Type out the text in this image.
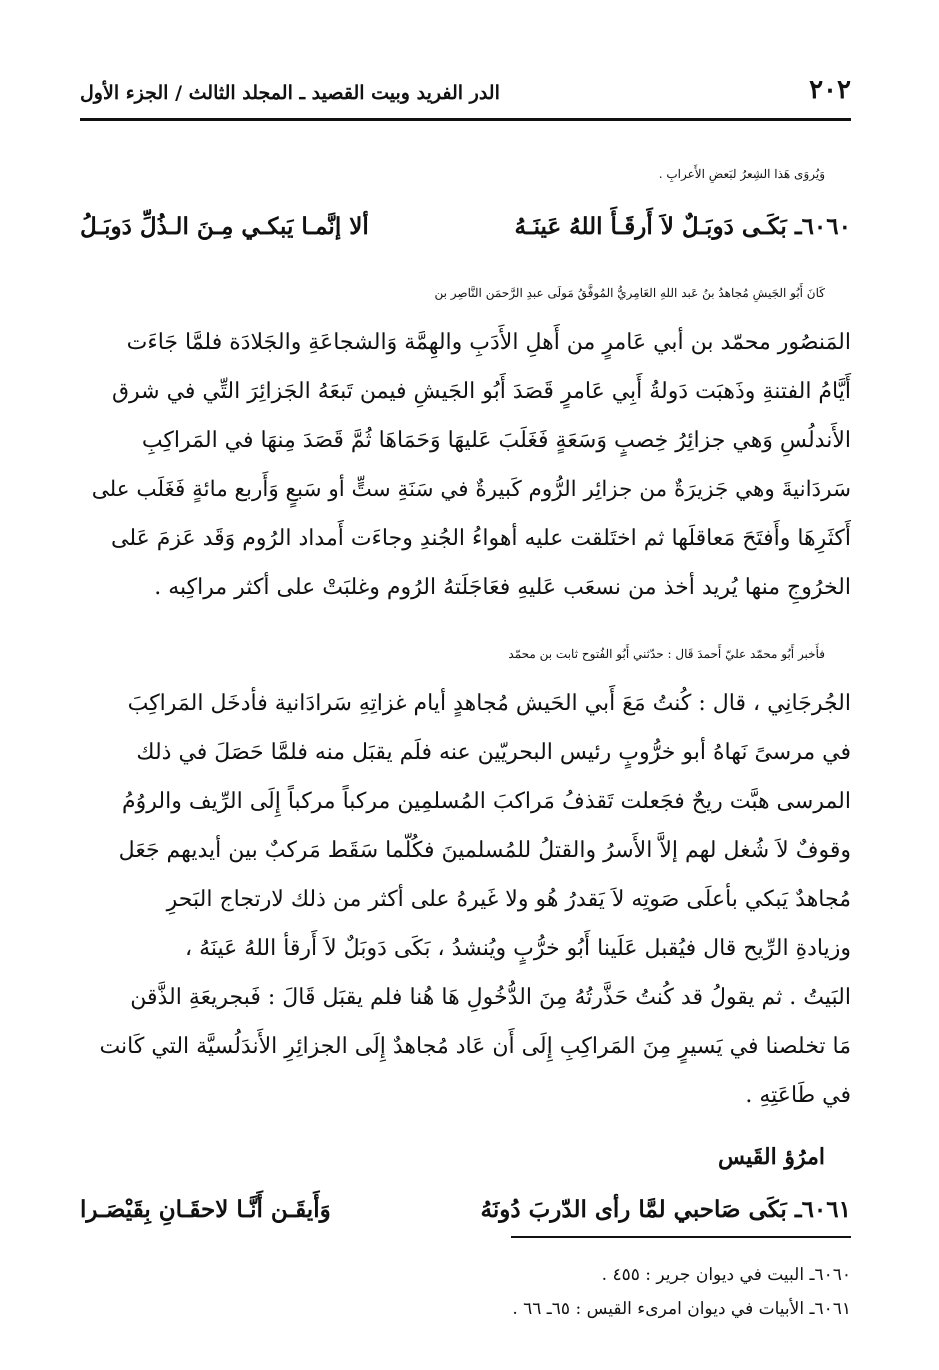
٢٠٢
الدر الفريد وبيت القصيد ـ المجلد الثالث / الجزء الأول
وَيُروَى هَذا الشِعرُ لبَعضِ الأَعرابِ .
٦٠٦٠ـ بَكَـى دَوبَـلٌ لاَ أَرقَـأَ اللهُ عَينَـهُ
ألا إنَّمـا يَبكـي مِـنَ الـذُلِّ دَوبَـلُ
كَانَ أَبُو الجَيشِ مُجاهدُ بنُ عَبد اللهِ العَامِريُّ المُوفَّقُ مَولَى عبدِ الرَّحمَن النَّاصِر بن
المَنصُور محمّد بن أبي عَامرٍ من أَهلِ الأَدَبِ والهِمَّة وَالشجاعَةِ والجَلادَة فلمَّا جَاءَت
أَيَّامُ الفتنةِ وذَهبَت دَولةُ أَبِي عَامرٍ قَصَدَ أَبُو الجَيشِ فيمن تَبعَهُ الجَزائِرَ التِّي في شرق
الأَندلُسِ وَهي جزائِرُ خِصبٍ وَسَعَةٍ فَغَلَبَ عَليهَا وَحَمَاهَا ثُمَّ قَصَدَ مِنهَا في المَراكِبِ
سَردَانيةَ وهي جَزيرَةٌ من جزائِر الرُّوم كَبيرةٌ في سَنَةِ ستٍّ أو سَبعٍ وَأَربع مائةٍ فَغَلَب على
أَكثَرِهَا وأَفتَحَ مَعاقلَها ثم اختَلقت عليه أهواءُ الجُندِ وجاءَت أَمداد الرُوم وَقَد عَزمَ عَلى
الخرُوجِ منها يُريد أخذ من نسعَب عَليهِ فعَاجَلَتهُ الرُوم وغلبَتْ على أكثر مراكِبه .
فأَخبر أَبُو محمّد عليّ أَحمدَ قَال : حدّثني أَبُو الفُتوح ثابت بن محمّد
الجُرجَانِي ، قال : كُنتُ مَعَ أَبي الحَيش مُجاهدٍ أيام غزاتِهِ سَرادَانية فأدخَل المَراكِبَ
في مرسىً نَهاهُ أبو خرُّوبٍ رئيس البحريّين عنه فلَم يقبَل منه فلمَّا حَصَلَ في ذلك
المرسى هبَّت ريحٌ فجَعلت تَقذفُ مَراكبَ المُسلمِين مركباً مركباً إِلَى الرِّيف والروُمُ
وقوفٌ لاَ شُغل لهم إلاَّ الأَسرُ والقتلُ للمُسلمينَ فكُلّما سَقَط مَركبٌ بين أيديهم جَعَل
مُجاهدٌ يَبكي بأعلَى صَوتِه لاَ يَقدرُ هُو ولا غَيرهُ على أكثر من ذلك لارتجاج البَحرِ
وزيادةِ الرِّيح قال فيُقبل عَلَينا أَبُو خرُّبٍ ويُنشدُ ، بَكَى دَوبَلٌ لاَ أَرقأ اللهُ عَينَهُ ،
البَيتُ . ثم يقولُ قد كُنتُ حَذَّرتُهُ مِنَ الدُّخُولِ هَا هُنا فلم يقبَل قَالَ : فَبجريعَةِ الذَّقن
مَا تخلصنا في يَسيرٍ مِنَ المَراكِبِ إِلَى أَن عَاد مُجاهدٌ إِلَى الجزائِرِ الأَندَلُسيَّة التي كَانت
في طَاعَتِهِ .
امرُؤ القَيس
٦٠٦١ـ بَكَى صَاحبي لمَّا رأى الدّربَ دُونَهُ
وَأَيقَـن أَنَّـا لاحقَـانِ بِقَيْصَـرا
٦٠٦٠ـ البيت في ديوان جرير : ٤٥٥ .
٦٠٦١ـ الأبيات في ديوان امرىء القيس : ٦٥ـ ٦٦ .
